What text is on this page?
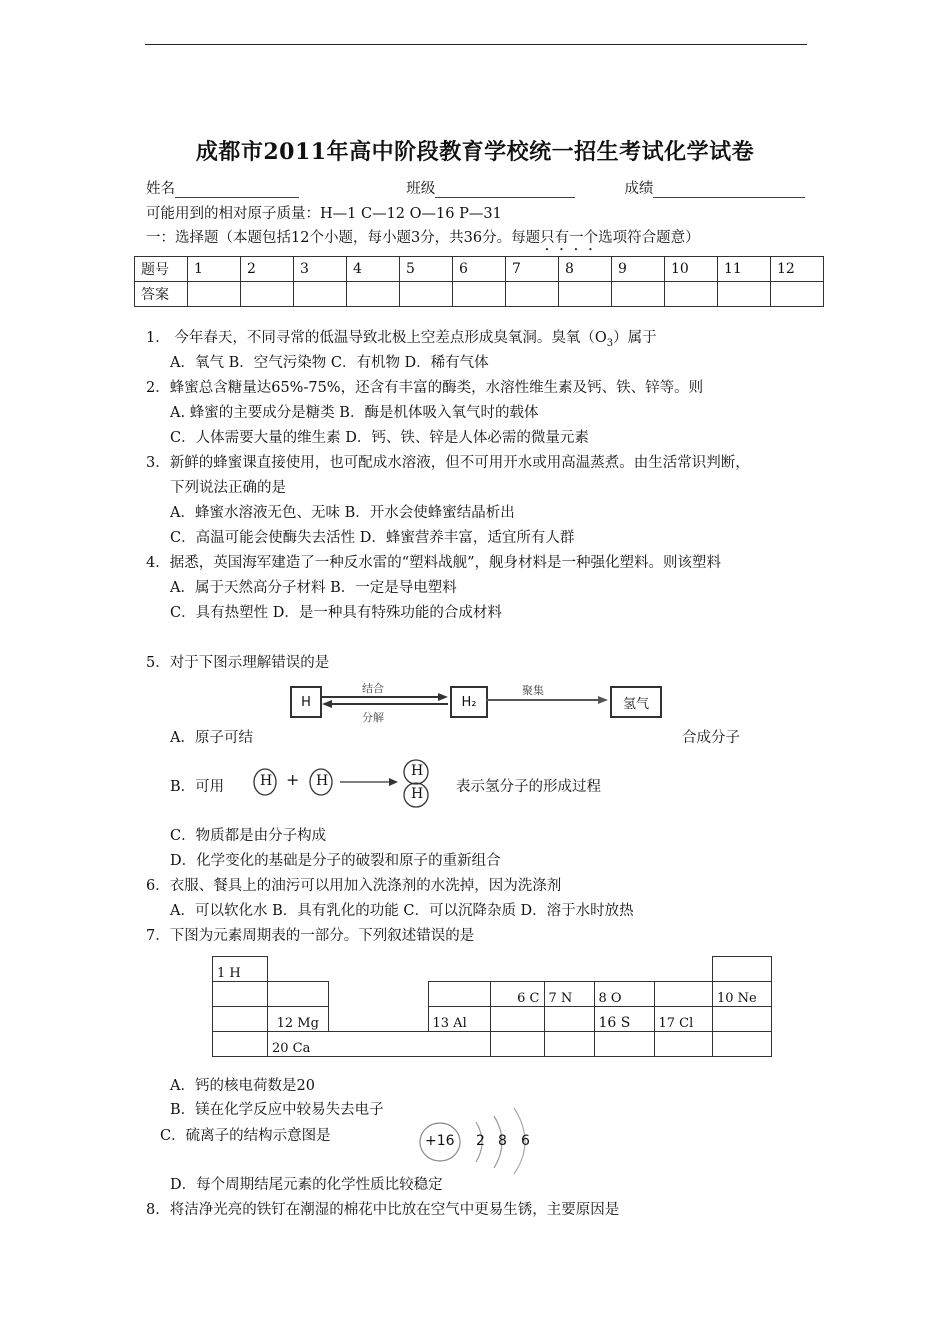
成都市2011年高中阶段教育学校统一招生考试化学试卷
姓名	班级	成绩
可能用到的相对原子质量：H—1 C—12 O—16 P—31
一：选择题（本题包括12个小题，每小题3分，共36分。每题只有一个选项符合题意）
题号	1	2	3	4	5	6	7	8	9	10	11	12
答案												
1． 今年春天，不同寻常的低温导致北极上空差点形成臭氧洞。臭氧$(O_3)$属于
A．氧气 B．空气污染物 C．有机物 D．稀有气体
2．蜂蜜总含糖量达65%-75%，还含有丰富的酶类，水溶性维生素及钙、铁、锌等。则
A. 蜂蜜的主要成分是糖类 B．酶是机体吸入氧气时的载体
C．人体需要大量的维生素 D．钙、铁、锌是人体必需的微量元素
3．新鲜的蜂蜜课直接使用，也可配成水溶液，但不可用开水或用高温蒸煮。由生活常识判断，
下列说法正确的是
A．蜂蜜水溶液无色、无味 B．开水会使蜂蜜结晶析出
C．高温可能会使酶失去活性 D．蜂蜜营养丰富，适宜所有人群
4．据悉，英国海军建造了一种反水雷的“塑料战舰”，舰身材料是一种强化塑料。则该塑料
A．属于天然高分子材料 B．一定是导电塑料
C．具有热塑性 D．是一种具有特殊功能的合成材料
5．对于下图示理解错误的是
H	H₂	氢气
结合
分解
聚集
A．原子可结	合成分子
B．可用	表示氢分子的形成过程
H + H
H
H
C．物质都是由分子构成
D．化学变化的基础是分子的破裂和原子的重新组合
6．衣服、餐具上的油污可以用加入洗涤剂的水洗掉，因为洗涤剂
A．可以软化水 B．具有乳化的功能 C．可以沉降杂质 D．溶于水时放热
7．下图为元素周期表的一部分。下列叙述错误的是
1 H								
				6 C	7 N	8 O		10 Ne
	12 Mg		13 Al			16 S	17 Cl	
	20 Ca							
A．钙的核电荷数是20
B．镁在化学反应中较易失去电子
C．硫离子的结构示意图是	+16 2 8 6
D．每个周期结尾元素的化学性质比较稳定
8．将洁净光亮的铁钉在潮湿的棉花中比放在空气中更易生锈，主要原因是
